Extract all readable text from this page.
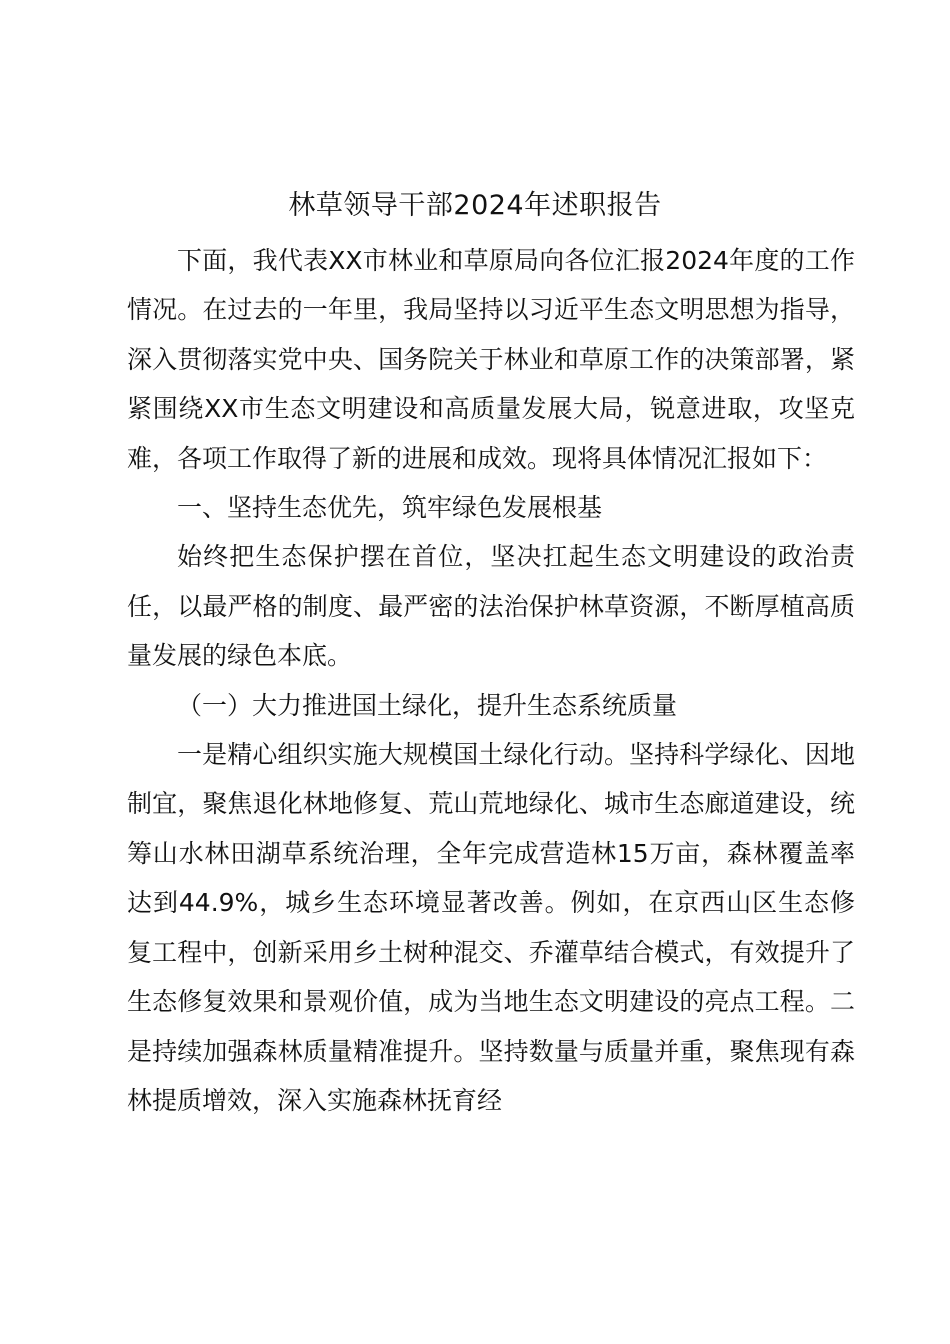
林草领导干部2024年述职报告

下面，我代表XX市林业和草原局向各位汇报2024年度的工作情况。在过去的一年里，我局坚持以习近平生态文明思想为指导，深入贯彻落实党中央、国务院关于林业和草原工作的决策部署，紧紧围绕XX市生态文明建设和高质量发展大局，锐意进取，攻坚克难，各项工作取得了新的进展和成效。现将具体情况汇报如下：

一、坚持生态优先，筑牢绿色发展根基

始终把生态保护摆在首位，坚决扛起生态文明建设的政治责任，以最严格的制度、最严密的法治保护林草资源，不断厚植高质量发展的绿色本底。

（一）大力推进国土绿化，提升生态系统质量

一是精心组织实施大规模国土绿化行动。坚持科学绿化、因地制宜，聚焦退化林地修复、荒山荒地绿化、城市生态廊道建设，统筹山水林田湖草系统治理，全年完成营造林15万亩，森林覆盖率达到44.9%，城乡生态环境显著改善。例如，在京西山区生态修复工程中，创新采用乡土树种混交、乔灌草结合模式，有效提升了生态修复效果和景观价值，成为当地生态文明建设的亮点工程。二是持续加强森林质量精准提升。坚持数量与质量并重，聚焦现有森林提质增效，深入实施森林抚育经
